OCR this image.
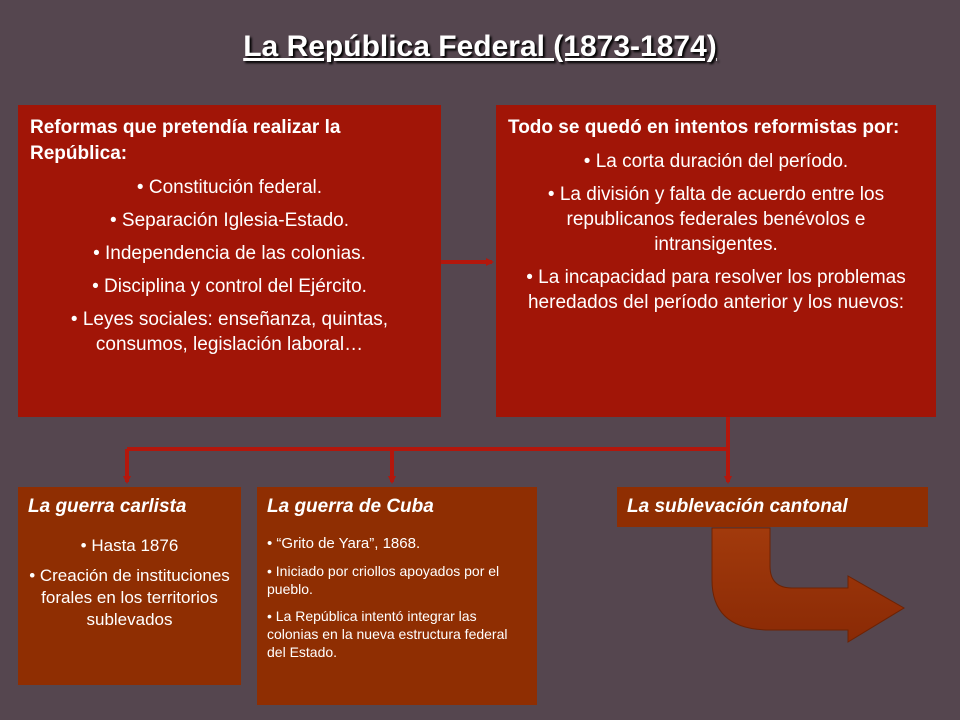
La República Federal (1873-1874)
Reformas que pretendía realizar la República:
• Constitución federal.
• Separación Iglesia-Estado.
• Independencia de las colonias.
• Disciplina y control del Ejército.
• Leyes sociales: enseñanza, quintas, consumos, legislación laboral…
Todo se quedó en intentos reformistas por:
• La corta duración del período.
• La división y falta de acuerdo entre los republicanos federales benévolos e intransigentes.
• La incapacidad para resolver los problemas heredados del período anterior y los nuevos:
La guerra carlista
• Hasta 1876
• Creación de instituciones forales en los territorios sublevados
La guerra de Cuba
• “Grito de Yara”, 1868.
• Iniciado por criollos apoyados por el pueblo.
• La República intentó integrar las colonias en la nueva estructura federal del Estado.
La sublevación cantonal
